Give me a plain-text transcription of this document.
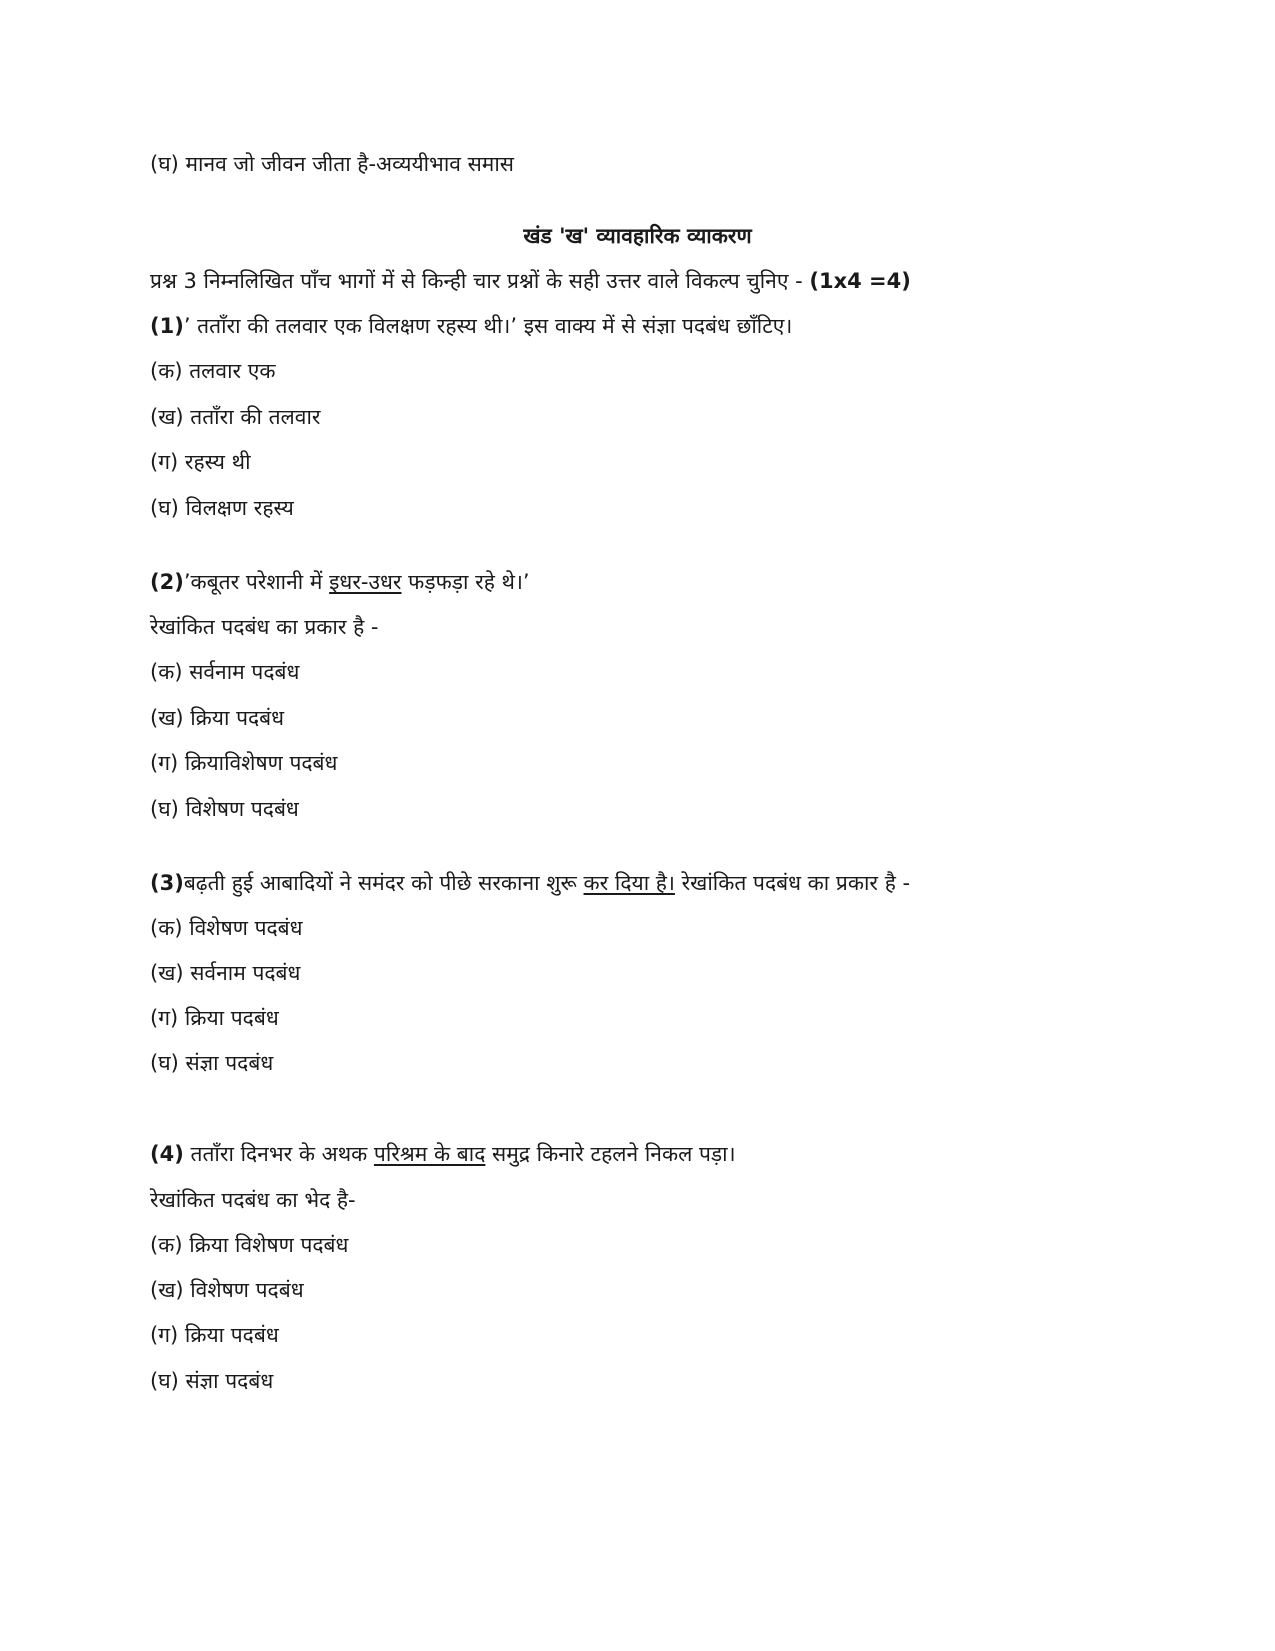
(घ) मानव जो जीवन जीता है-अव्ययीभाव समास
खंड 'ख' व्यावहारिक व्याकरण
प्रश्न 3 निम्नलिखित पाँच भागों में से किन्ही चार प्रश्नों के सही उत्तर वाले विकल्प चुनिए - (1x4 =4)
(1)’ ततॉंरा की तलवार एक विलक्षण रहस्य थी।’ इस वाक्य में से संज्ञा पदबंध छाँटिए।
(क) तलवार एक
(ख) ततॉंरा की तलवार
(ग) रहस्य थी
(घ) विलक्षण रहस्य
(2)’कबूतर परेशानी में इधर-उधर फड़फड़ा रहे थे।’
रेखांकित पदबंध का प्रकार है -
(क) सर्वनाम पदबंध
(ख) क्रिया पदबंध
(ग) क्रियाविशेषण पदबंध
(घ) विशेषण पदबंध
(3)बढ़ती हुई आबादियों ने समंदर को पीछे सरकाना शुरू कर दिया है। रेखांकित पदबंध का प्रकार है -
(क) विशेषण पदबंध
(ख) सर्वनाम पदबंध
(ग) क्रिया पदबंध
(घ) संज्ञा पदबंध
(4) ततॉंरा दिनभर के अथक परिश्रम के बाद समुद्र किनारे टहलने निकल पड़ा।
रेखांकित पदबंध का भेद है-
(क) क्रिया विशेषण पदबंध
(ख) विशेषण पदबंध
(ग) क्रिया पदबंध
(घ) संज्ञा पदबंध
